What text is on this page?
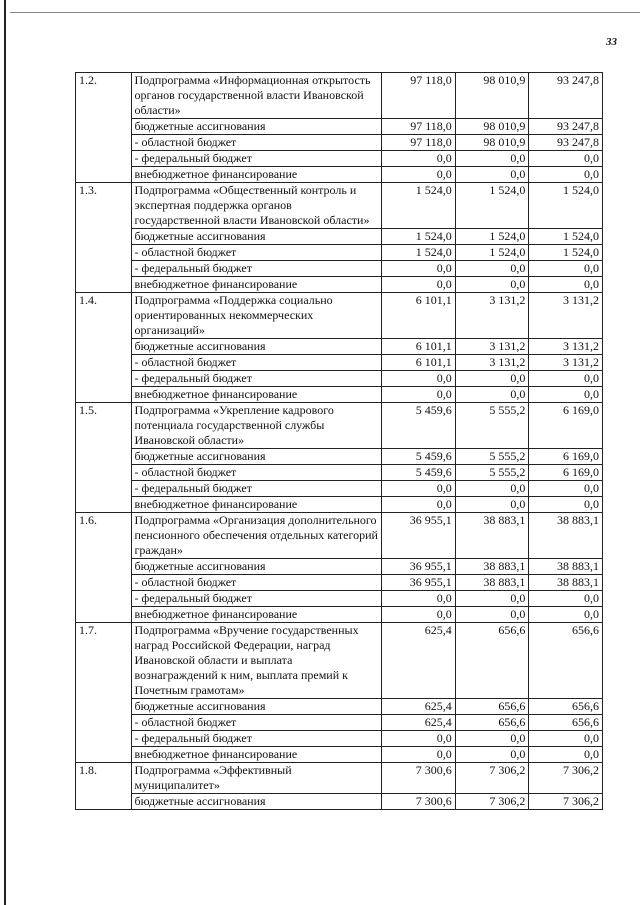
33
1.2.	Подпрограмма «Информационная открытость органов государственной власти Ивановской области»	97 118,0	98 010,9	93 247,8
	бюджетные ассигнования	97 118,0	98 010,9	93 247,8
	- областной бюджет	97 118,0	98 010,9	93 247,8
	- федеральный бюджет	0,0	0,0	0,0
	внебюджетное финансирование	0,0	0,0	0,0
1.3.	Подпрограмма «Общественный контроль и экспертная поддержка органов государственной власти Ивановской области»	1 524,0	1 524,0	1 524,0
	бюджетные ассигнования	1 524,0	1 524,0	1 524,0
	- областной бюджет	1 524,0	1 524,0	1 524,0
	- федеральный бюджет	0,0	0,0	0,0
	внебюджетное финансирование	0,0	0,0	0,0
1.4.	Подпрограмма «Поддержка социально ориентированных некоммерческих организаций»	6 101,1	3 131,2	3 131,2
	бюджетные ассигнования	6 101,1	3 131,2	3 131,2
	- областной бюджет	6 101,1	3 131,2	3 131,2
	- федеральный бюджет	0,0	0,0	0,0
	внебюджетное финансирование	0,0	0,0	0,0
1.5.	Подпрограмма «Укрепление кадрового потенциала государственной службы Ивановской области»	5 459,6	5 555,2	6 169,0
	бюджетные ассигнования	5 459,6	5 555,2	6 169,0
	- областной бюджет	5 459,6	5 555,2	6 169,0
	- федеральный бюджет	0,0	0,0	0,0
	внебюджетное финансирование	0,0	0,0	0,0
1.6.	Подпрограмма «Организация дополнительного пенсионного обеспечения отдельных категорий граждан»	36 955,1	38 883,1	38 883,1
	бюджетные ассигнования	36 955,1	38 883,1	38 883,1
	- областной бюджет	36 955,1	38 883,1	38 883,1
	- федеральный бюджет	0,0	0,0	0,0
	внебюджетное финансирование	0,0	0,0	0,0
1.7.	Подпрограмма «Вручение государственных наград Российской Федерации, наград Ивановской области и выплата вознаграждений к ним, выплата премий к Почетным грамотам»	625,4	656,6	656,6
	бюджетные ассигнования	625,4	656,6	656,6
	- областной бюджет	625,4	656,6	656,6
	- федеральный бюджет	0,0	0,0	0,0
	внебюджетное финансирование	0,0	0,0	0,0
1.8.	Подпрограмма «Эффективный муниципалитет»	7 300,6	7 306,2	7 306,2
	бюджетные ассигнования	7 300,6	7 306,2	7 306,2
